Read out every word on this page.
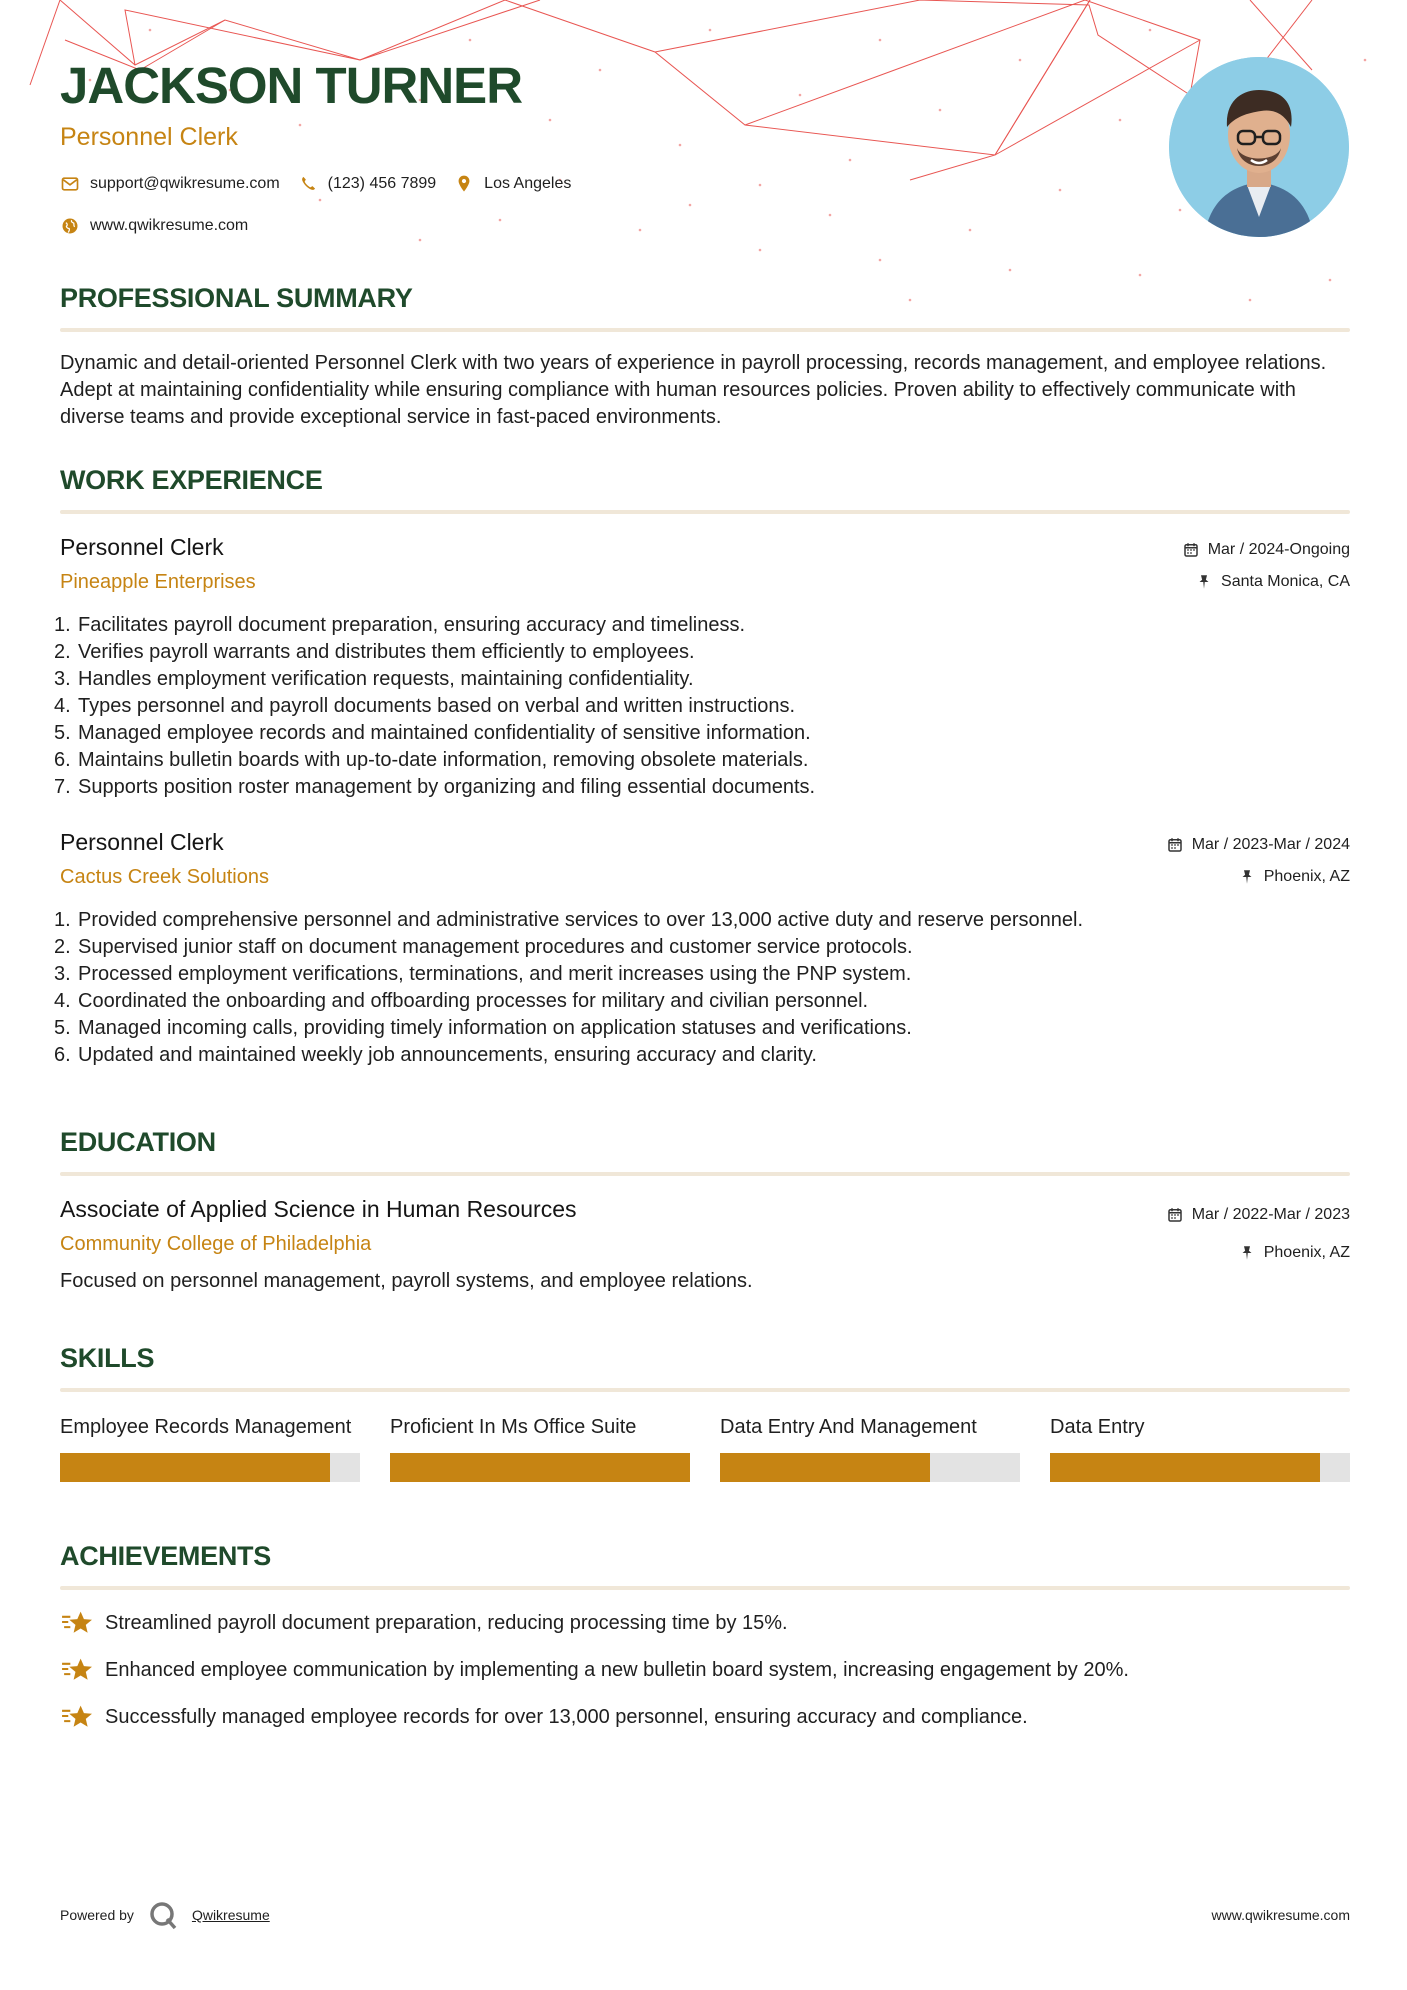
JACKSON TURNER
Personnel Clerk
support@qwikresume.com	(123) 456 7899	Los Angeles
www.qwikresume.com
PROFESSIONAL SUMMARY

Dynamic and detail-oriented Personnel Clerk with two years of experience in payroll processing, records management, and employee relations. Adept at maintaining confidentiality while ensuring compliance with human resources policies. Proven ability to effectively communicate with diverse teams and provide exceptional service in fast-paced environments.

WORK EXPERIENCE
Personnel Clerk
Pineapple Enterprises
Mar / 2024-Ongoing
Santa Monica, CA
1. Facilitates payroll document preparation, ensuring accuracy and timeliness.
2. Verifies payroll warrants and distributes them efficiently to employees.
3. Handles employment verification requests, maintaining confidentiality.
4. Types personnel and payroll documents based on verbal and written instructions.
5. Managed employee records and maintained confidentiality of sensitive information.
6. Maintains bulletin boards with up-to-date information, removing obsolete materials.
7. Supports position roster management by organizing and filing essential documents.
Personnel Clerk
Cactus Creek Solutions
Mar / 2023-Mar / 2024
Phoenix, AZ
1. Provided comprehensive personnel and administrative services to over 13,000 active duty and reserve personnel.
2. Supervised junior staff on document management procedures and customer service protocols.
3. Processed employment verifications, terminations, and merit increases using the PNP system.
4. Coordinated the onboarding and offboarding processes for military and civilian personnel.
5. Managed incoming calls, providing timely information on application statuses and verifications.
6. Updated and maintained weekly job announcements, ensuring accuracy and clarity.
EDUCATION
Associate of Applied Science in Human Resources
Community College of Philadelphia
Mar / 2022-Mar / 2023
Phoenix, AZ

Focused on personnel management, payroll systems, and employee relations.

SKILLS
Employee Records Management	Proficient In Ms Office Suite	Data Entry And Management	Data Entry
ACHIEVEMENTS
Streamlined payroll document preparation, reducing processing time by 15%.
Enhanced employee communication by implementing a new bulletin board system, increasing engagement by 20%.
Successfully managed employee records for over 13,000 personnel, ensuring accuracy and compliance.
Powered by	Qwikresume	www.qwikresume.com
